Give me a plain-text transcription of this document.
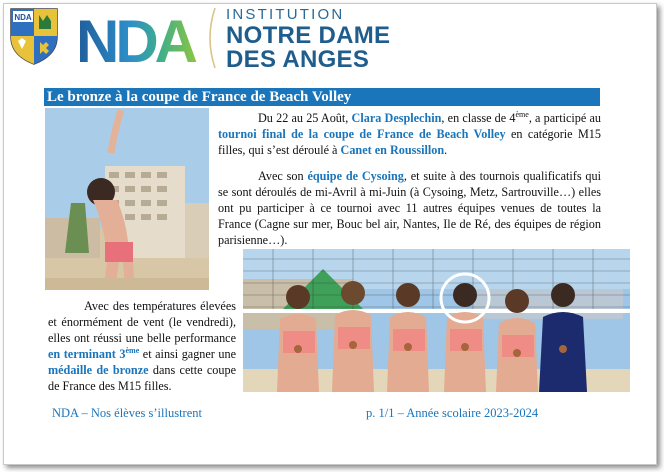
NDA NDA INSTITUTION
NOTRE DAME
DES ANGES
Le bronze à la coupe de France de Beach Volley
Du 22 au 25 Août, Clara Desplechin, en classe de 4ème, a participé au tournoi final de la coupe de France de Beach Volley en catégorie M15 filles, qui s’est déroulé à Canet en Roussillon.
Avec son équipe de Cysoing, et suite à des tournois qualificatifs qui se sont déroulés de mi-Avril à mi-Juin (à Cysoing, Metz, Sartrouville…) elles ont pu participer à ce tournoi avec 11 autres équipes venues de toutes la France (Cagne sur mer, Bouc bel air, Nantes, Ile de Ré, des équipes de région parisienne…).
Avec des températures élevées et énormément de vent (le vendredi), elles ont réussi une belle performance en terminant 3ème et ainsi gagner une médaille de bronze dans cette coupe de France des M15 filles.
NDA – Nos élèves s’illustrent	p. 1/1 – Année scolaire 2023-2024
